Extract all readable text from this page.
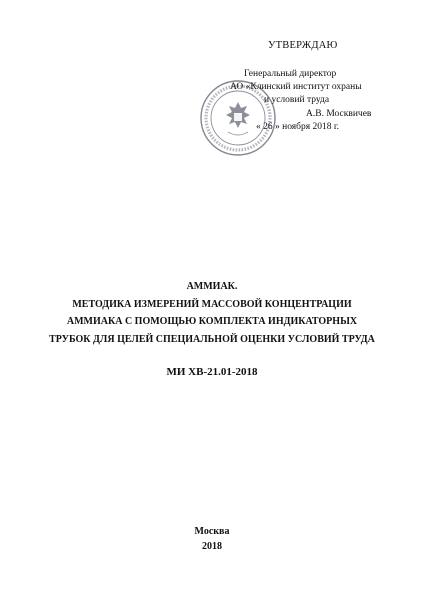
УТВЕРЖДАЮ
Генеральный директор
АО «Клинский институт охраны
и условий труда
А.В. Москвичев
« 26 » ноября 2018 г.
АММИАК.
МЕТОДИКА ИЗМЕРЕНИЙ МАССОВОЙ КОНЦЕНТРАЦИИ
АММИАКА С ПОМОЩЬЮ КОМПЛЕКТА ИНДИКАТОРНЫХ
ТРУБОК ДЛЯ ЦЕЛЕЙ СПЕЦИАЛЬНОЙ ОЦЕНКИ УСЛОВИЙ ТРУДА
МИ ХВ-21.01-2018
Москва
2018
